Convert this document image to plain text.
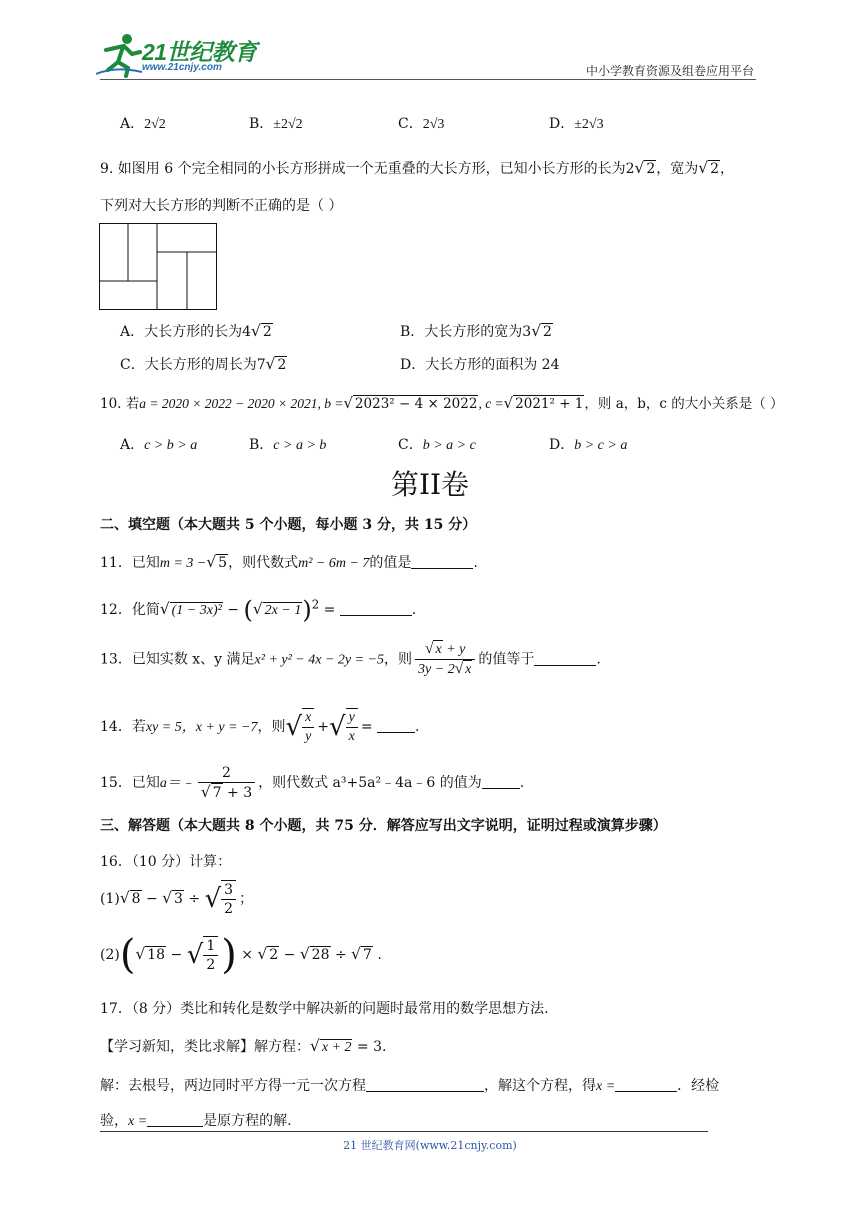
21世纪教育
www.21cnjy.com	中小学教育资源及组卷应用平台
A．2√2	B．±2√2	C．2√3	D．±2√3
9. 如图用 6 个完全相同的小长方形拼成一个无重叠的大长方形，已知小长方形的长为2√ 2，宽为√ 2，
下列对大长方形的判断不正确的是（ ）
A．大长方形的长为4√ 2	B．大长方形的宽为3√ 2
C．大长方形的周长为7√ 2	D．大长方形的面积为 24
10. 若a = 2020 × 2022 − 2020 × 2021, b =√ 2023² − 4 × 2022, c =√ 2021² + 1，则 a，b，c 的大小关系是（ ）
A．c > b > a	B．c > a > b	C．b > a > c	D．b > c > a
第II卷
二、填空题（本大题共 5 个小题，每小题 3 分，共 15 分）
11．已知m = 3 −√ 5，则代数式m² − 6m − 7的值是	.
12．化简√ (1 − 3x)² − (√ 2x − 1)$^2$ =	.
13．已知实数 x、y 满足x² + y² − 4x − 2y = −5，则 $\frac{√ x + y}{3y - 2√ x}$ 的值等于	.
14．若xy = 5，x + y = −7，则√ $\frac{x}{y}$ +√ $\frac{y}{x}$ =	.
15．已知a＝﹣ $\frac{2}{√ 7 + 3}$ ，则代数式 a³+5a²﹣4a﹣6 的值为	.
三、解答题（本大题共 8 个小题，共 75 分．解答应写出文字说明，证明过程或演算步骤）
16．（10 分）计算：
(1)√ 8 − √ 3 ÷ √ $\frac{3}{2}$ ；
(2)(√ 18 − √ $\frac{1}{2}$ ) × √ 2 − √ 28 ÷ √ 7 .
17．（8 分）类比和转化是数学中解决新的问题时最常用的数学思想方法.
【学习新知，类比求解】解方程：√ x + 2 = 3.
解：去根号，两边同时平方得一元一次方程	，解这个方程，得x =	．经检
验，x =	是原方程的解.
21 世纪教育网(www.21cnjy.com)
